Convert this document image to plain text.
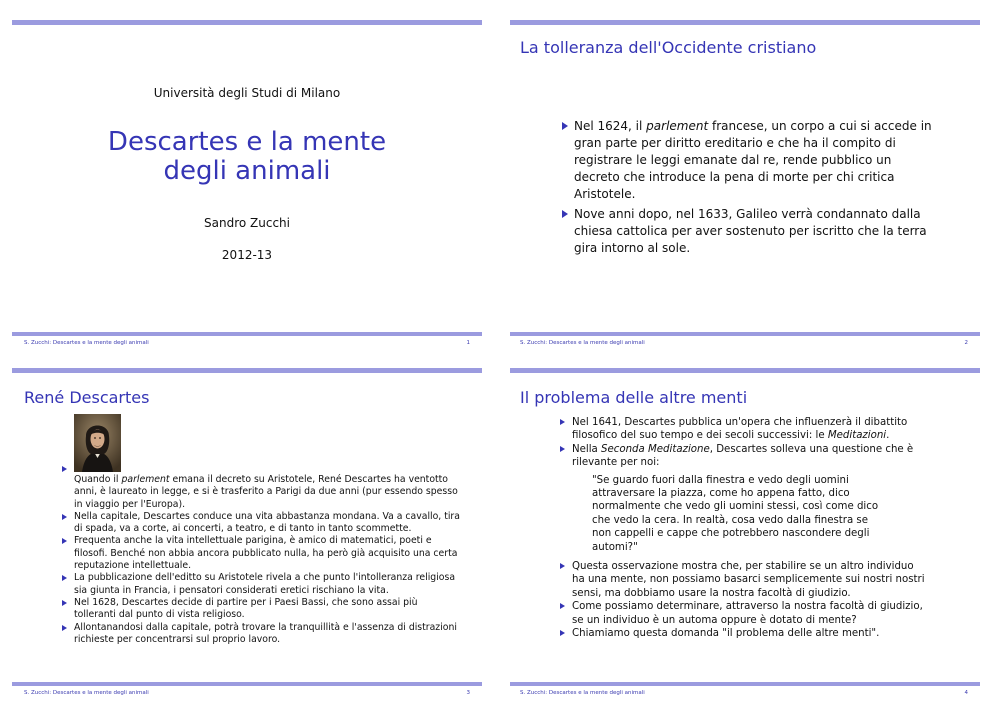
Università degli Studi di Milano
Descartes e la mente
degli animali
Sandro Zucchi
2012-13
S. Zucchi: Descartes e la mente degli animali	1
La tolleranza dell'Occidente cristiano
Nel 1624, il parlement francese, un corpo a cui si accede in gran parte per diritto ereditario e che ha il compito di registrare le leggi emanate dal re, rende pubblico un decreto che introduce la pena di morte per chi critica Aristotele.
Nove anni dopo, nel 1633, Galileo verrà condannato dalla chiesa cattolica per aver sostenuto per iscritto che la terra gira intorno al sole.
S. Zucchi: Descartes e la mente degli animali	2
René Descartes
Quando il parlement emana il decreto su Aristotele, René Descartes ha ventotto anni, è laureato in legge, e si è trasferito a Parigi da due anni (pur essendo spesso in viaggio per l'Europa).
Nella capitale, Descartes conduce una vita abbastanza mondana. Va a cavallo, tira di spada, va a corte, ai concerti, a teatro, e di tanto in tanto scommette.
Frequenta anche la vita intellettuale parigina, è amico di matematici, poeti e filosofi. Benché non abbia ancora pubblicato nulla, ha però già acquisito una certa reputazione intellettuale.
La pubblicazione dell'editto su Aristotele rivela a che punto l'intolleranza religiosa sia giunta in Francia, i pensatori considerati eretici rischiano la vita.
Nel 1628, Descartes decide di partire per i Paesi Bassi, che sono assai più tolleranti dal punto di vista religioso.
Allontanandosi dalla capitale, potrà trovare la tranquillità e l'assenza di distrazioni richieste per concentrarsi sul proprio lavoro.
S. Zucchi: Descartes e la mente degli animali	3
Il problema delle altre menti
Nel 1641, Descartes pubblica un'opera che influenzerà il dibattito filosofico del suo tempo e dei secoli successivi: le Meditazioni.
Nella Seconda Meditazione, Descartes solleva una questione che è rilevante per noi:
"Se guardo fuori dalla finestra e vedo degli uomini attraversare la piazza, come ho appena fatto, dico normalmente che vedo gli uomini stessi, così come dico che vedo la cera. In realtà, cosa vedo dalla finestra se non cappelli e cappe che potrebbero nascondere degli automi?"
Questa osservazione mostra che, per stabilire se un altro individuo ha una mente, non possiamo basarci semplicemente sui nostri nostri sensi, ma dobbiamo usare la nostra facoltà di giudizio.
Come possiamo determinare, attraverso la nostra facoltà di giudizio, se un individuo è un automa oppure è dotato di mente?
Chiamiamo questa domanda "il problema delle altre menti".
S. Zucchi: Descartes e la mente degli animali	4
